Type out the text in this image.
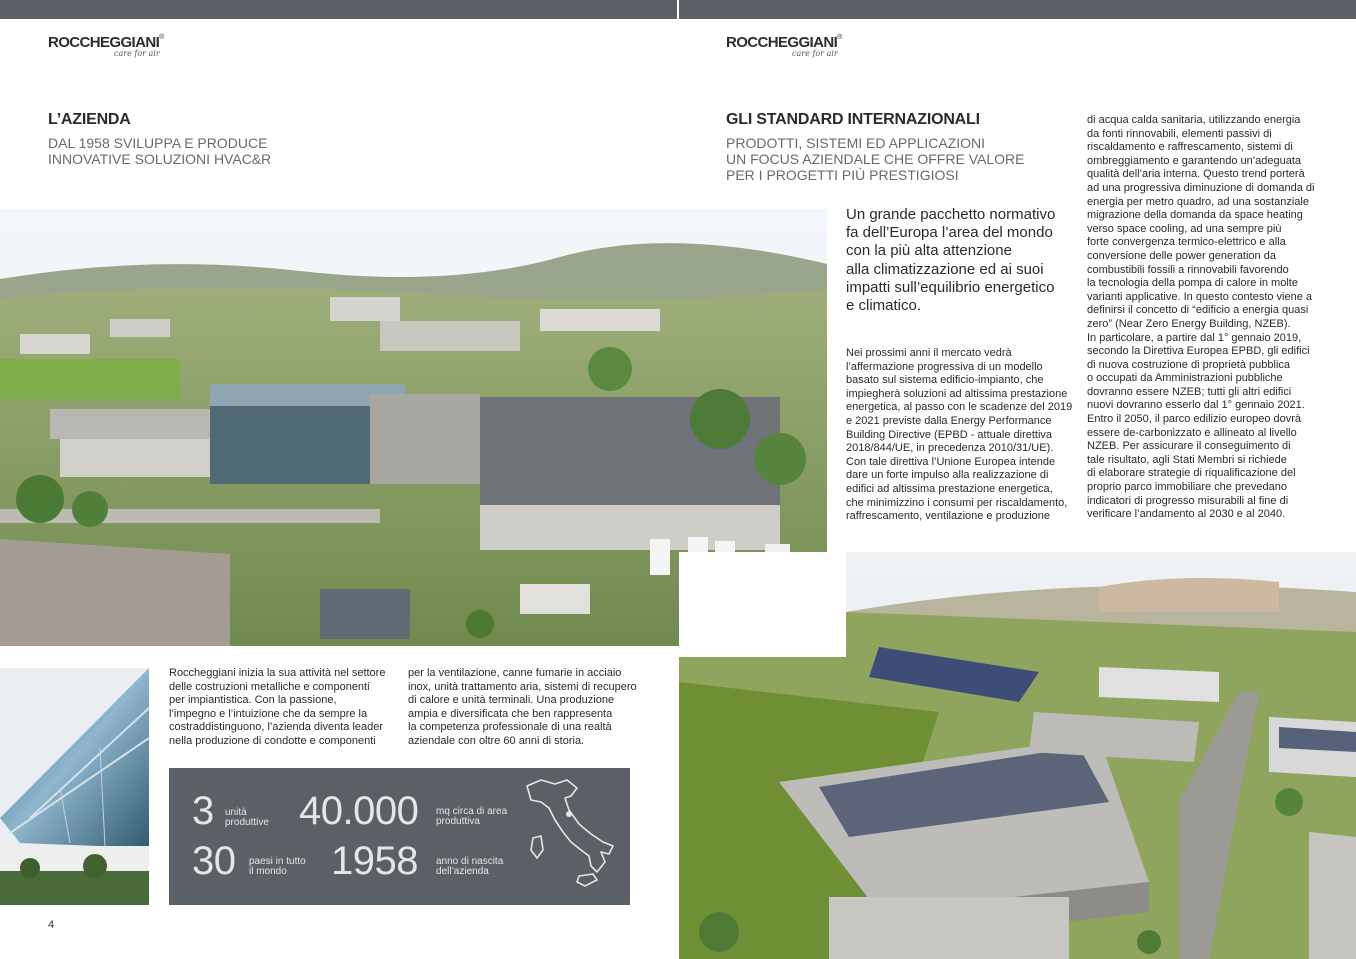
ROCCHEGGIANI®
care for air
ROCCHEGGIANI®
care for air
L’AZIENDA
DAL 1958 SVILUPPA E PRODUCE
INNOVATIVE SOLUZIONI HVAC&R
GLI STANDARD INTERNAZIONALI
PRODOTTI, SISTEMI ED APPLICAZIONI
UN FOCUS AZIENDALE CHE OFFRE VALORE
PER I PROGETTI PIÙ PRESTIGIOSI
Un grande pacchetto normativo
fa dell’Europa l’area del mondo
con la più alta attenzione
alla climatizzazione ed ai suoi
impatti sull’equilibrio energetico
e climatico.
Nei prossimi anni il mercato vedrà
l’affermazione progressiva di un modello
basato sul sistema edificio-impianto, che
impiegherà soluzioni ad altissima prestazione
energetica, al passo con le scadenze del 2019
e 2021 previste dalla Energy Performance
Building Directive (EPBD - attuale direttiva
2018/844/UE, in precedenza 2010/31/UE).
Con tale direttiva l’Unione Europea intende
dare un forte impulso alla realizzazione di
edifici ad altissima prestazione energetica,
che minimizzino i consumi per riscaldamento,
raffrescamento, ventilazione e produzione
di acqua calda sanitaria, utilizzando energia
da fonti rinnovabili, elementi passivi di
riscaldamento e raffrescamento, sistemi di
ombreggiamento e garantendo un’adeguata
qualità dell’aria interna. Questo trend porterà
ad una progressiva diminuzione di domanda di
energia per metro quadro, ad una sostanziale
migrazione della domanda da space heating
verso space cooling, ad una sempre più
forte convergenza termico-elettrico e alla
conversione delle power generation da
combustibili fossili a rinnovabili favorendo
la tecnologia della pompa di calore in molte
varianti applicative. In questo contesto viene a
definirsi il concetto di “edificio a energia quasi
zero” (Near Zero Energy Building, NZEB).
In particolare, a partire dal 1° gennaio 2019,
secondo la Direttiva Europea EPBD, gli edifici
di nuova costruzione di proprietà pubblica
o occupati da Amministrazioni pubbliche
dovranno essere NZEB; tutti gli altri edifici
nuovi dovranno esserlo dal 1° gennaio 2021.
Entro il 2050, il parco edilizio europeo dovrà
essere de-carbonizzato e allineato al livello
NZEB. Per assicurare il conseguimento di
tale risultato, agli Stati Membri si richiede
di elaborare strategie di riqualificazione del
proprio parco immobiliare che prevedano
indicatori di progresso misurabili al fine di
verificare l’andamento al 2030 e al 2040.
Roccheggiani inizia la sua attività nel settore
delle costruzioni metalliche e componenti
per impiantistica. Con la passione,
l’impegno e l’intuizione che da sempre la
costraddistinguono, l’azienda diventa leader
nella produzione di condotte e componenti
per la ventilazione, canne fumarie in acciaio
inox, unità trattamento aria, sistemi di recupero
di calore e unità terminali. Una produzione
ampia e diversificata che ben rappresenta
la competenza professionale di una realtà
aziendale con oltre 60 anni di storia.
3 unità
produttive 40.000 mq circa di area
produttiva
30 paesi in tutto
il mondo	1958 anno di nascita
dell’azienda
4
